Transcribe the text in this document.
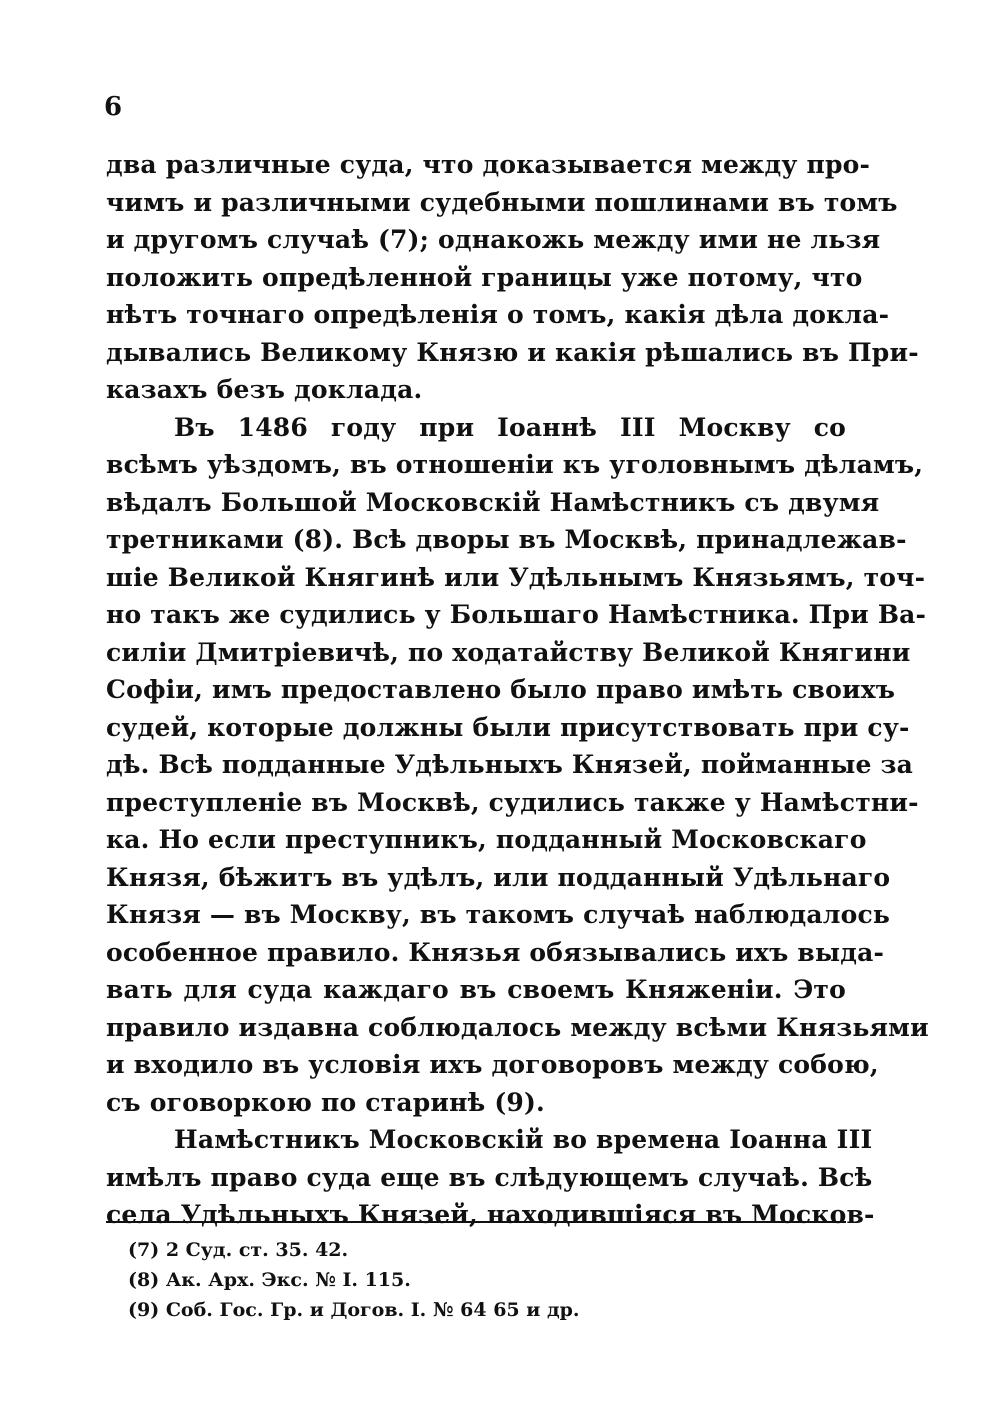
6
два различные суда, что доказывается между про-
чимъ и различными судебными пошлинами въ томъ
и другомъ случаѣ (7); однакожь между ими не льзя
положить опредѣленной границы уже потому, что
нѣтъ точнаго опредѣленія о томъ, какія дѣла докла-
дывались Великому Князю и какія рѣшались въ При-
казахъ безъ доклада.
Въ 1486 году при Іоаннѣ III Москву со
всѣмъ уѣздомъ, въ отношеніи къ уголовнымъ дѣламъ,
вѣдалъ Большой Московскій Намѣстникъ съ двумя
третниками (8). Всѣ дворы въ Москвѣ, принадлежав-
шіе Великой Княгинѣ или Удѣльнымъ Князьямъ, точ-
но такъ же судились у Большаго Намѣстника. При Ва-
силіи Дмитріевичѣ, по ходатайству Великой Княгини
Софіи, имъ предоставлено было право имѣть своихъ
судей, которые должны были присутствовать при су-
дѣ. Всѣ подданные Удѣльныхъ Князей, пойманные за
преступленіе въ Москвѣ, судились также у Намѣстни-
ка. Но если преступникъ, подданный Московскаго
Князя, бѣжитъ въ удѣлъ, или подданный Удѣльнаго
Князя — въ Москву, въ такомъ случаѣ наблюдалось
особенное правило. Князья обязывались ихъ выда-
вать для суда каждаго въ своемъ Княженіи. Это
правило издавна соблюдалось между всѣми Князьями
и входило въ условія ихъ договоровъ между собою,
съ оговоркою по старинѣ (9).
Намѣстникъ Московскій во времена Іоанна III
имѣлъ право суда еще въ слѣдующемъ случаѣ. Всѣ
села Удѣльныхъ Князей, находившіяся въ Москов-
(7) 2 Суд. ст. 35. 42.
(8) Ак. Арх. Экс. № I. 115.
(9) Соб. Гос. Гр. и Догов. I. № 64 65 и др.
